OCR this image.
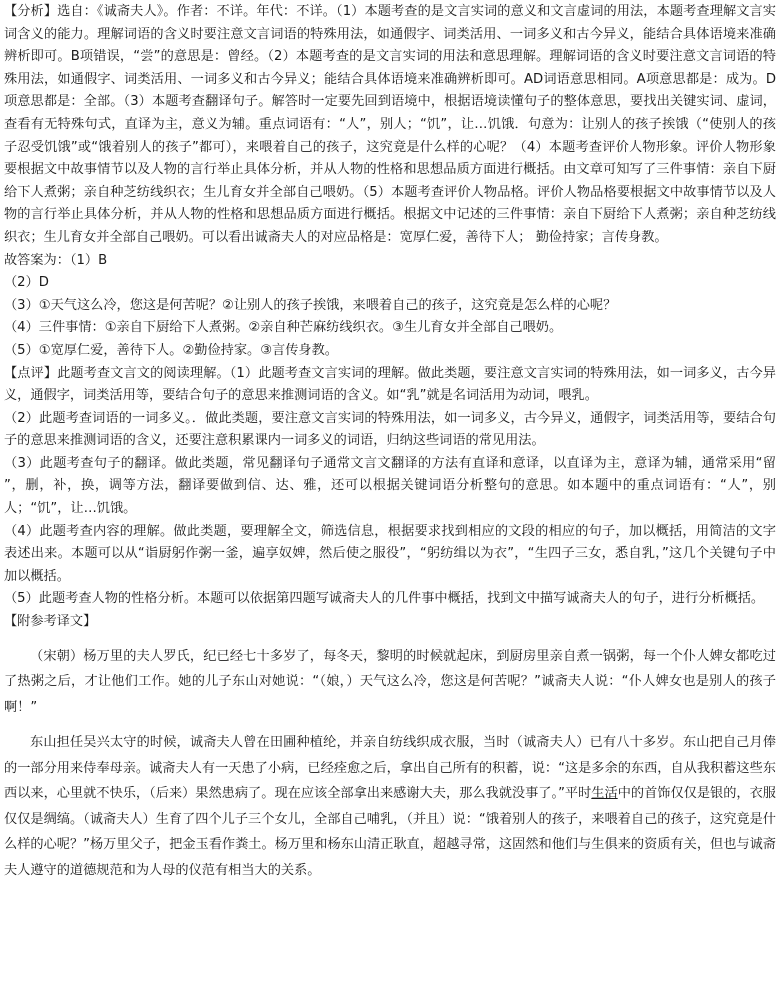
【分析】选自：《诚斋夫人》。作者：不详。年代：不详。（1）本题考查的是文言实词的意义和文言虚词的用法，本题考查理解文言实词含义的能力。理解词语的含义时要注意文言词语的特殊用法，如通假字、词类活用、一词多义和古今异义，能结合具体语境来准确辨析即可。B项错误，“尝”的意思是：曾经。（2）本题考查的是文言实词的用法和意思理解。理解词语的含义时要注意文言词语的特殊用法，如通假字、词类活用、一词多义和古今异义；能结合具体语境来准确辨析即可。AD词语意思相同。A项意思都是：成为。D项意思都是：全部。（3）本题考查翻译句子。解答时一定要先回到语境中，根据语境读懂句子的整体意思，要找出关键实词、虚词，查看有无特殊句式，直译为主，意义为辅。重点词语有：“人”，别人；“饥”，让…饥饿．句意为：让别人的孩子挨饿（“使别人的孩子忍受饥饿”或“饿着别人的孩子”都可），来喂着自己的孩子，这究竟是什么样的心呢？（4）本题考查评价人物形象。评价人物形象要根据文中故事情节以及人物的言行举止具体分析，并从人物的性格和思想品质方面进行概括。由文章可知写了三件事情：亲自下厨给下人煮粥；亲自种芝纺线织衣；生儿育女并全部自己喂奶。（5）本题考查评价人物品格。评价人物品格要根据文中故事情节以及人物的言行举止具体分析，并从人物的性格和思想品质方面进行概括。根据文中记述的三件事情：亲自下厨给下人煮粥；亲自种芝纺线织衣；生儿育女并全部自己喂奶。可以看出诚斋夫人的对应品格是：宽厚仁爱，善待下人； 勤俭持家；言传身教。

故答案为：（1）B

（2）D

（3）①天气这么冷，您这是何苦呢？②让别人的孩子挨饿，来喂着自己的孩子，这究竟是怎么样的心呢？

（4）三件事情：①亲自下厨给下人煮粥。②亲自种芒麻纺线织衣。③生儿育女并全部自己喂奶。

（5）①宽厚仁爱，善待下人。②勤俭持家。③言传身教。

【点评】此题考查文言文的阅读理解。（1）此题考查文言实词的理解。做此类题，要注意文言实词的特殊用法，如一词多义，古今异义，通假字，词类活用等，要结合句子的意思来推测词语的含义。如“乳”就是名词活用为动词，喂乳。

（2）此题考查词语的一词多义。．做此类题，要注意文言实词的特殊用法，如一词多义，古今异义，通假字，词类活用等，要结合句子的意思来推测词语的含义，还要注意积累课内一词多义的词语，归纳这些词语的常见用法。

（3）此题考查句子的翻译。做此类题，常见翻译句子通常文言文翻译的方法有直译和意译，以直译为主，意译为辅，通常采用“留 ”，删，补，换，调等方法，翻译要做到信、达、雅，还可以根据关键词语分析整句的意思。如本题中的重点词语有：“人”，别人；“饥”，让…饥饿。

（4）此题考查内容的理解。做此类题，要理解全文，筛选信息，根据要求找到相应的文段的相应的句子，加以概括，用简洁的文字表述出来。本题可以从“诣厨躬作粥一釜，遍享奴婢，然后使之服役”，“躬纺缉以为衣”，“生四子三女，悉自乳，”这几个关键句子中加以概括。

（5）此题考查人物的性格分析。本题可以依据第四题写诚斋夫人的几件事中概括，找到文中描写诚斋夫人的句子，进行分析概括。

【附参考译文】

（宋朝）杨万里的夫人罗氏，纪已经七十多岁了，每冬天，黎明的时候就起床，到厨房里亲自煮一锅粥，每一个仆人婢女都吃过了热粥之后，才让他们工作。她的儿子东山对她说：“（娘，）天气这么冷，您这是何苦呢？”诚斋夫人说：“仆人婢女也是别人的孩子啊！”

东山担任吴兴太守的时候，诚斋夫人曾在田圃种植纶，并亲自纺线织成衣服，当时（诚斋夫人）已有八十多岁。东山把自己月俸的一部分用来侍奉母亲。诚斋夫人有一天患了小病，已经痊愈之后，拿出自己所有的积蓄，说：“这是多余的东西，自从我积蓄这些东西以来，心里就不快乐，（后来）果然患病了。现在应该全部拿出来感谢大夫，那么我就没事了。”平时生活中的首饰仅仅是银的，衣服仅仅是绸缟。（诚斋夫人）生育了四个儿子三个女儿，全部自己哺乳，（并且）说：“饿着别人的孩子，来喂着自己的孩子，这究竟是什么样的心呢？”杨万里父子，把金玉看作粪土。杨万里和杨东山清正耿直，超越寻常，这固然和他们与生俱来的资质有关，但也与诚斋夫人遵守的道德规范和为人母的仪范有相当大的关系。
